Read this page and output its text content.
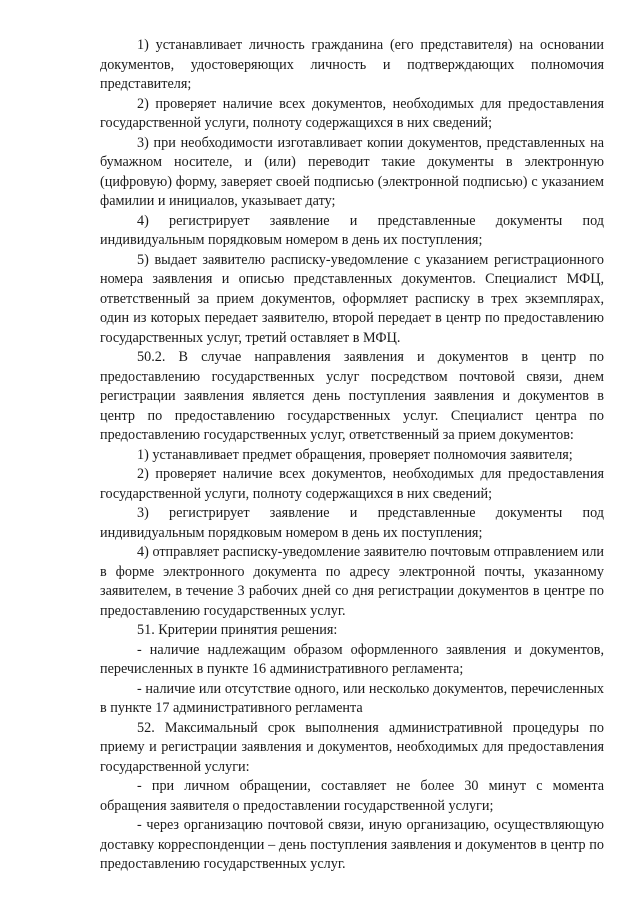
1) устанавливает личность гражданина (его представителя) на основании документов, удостоверяющих личность и подтверждающих полномочия представителя;

2) проверяет наличие всех документов, необходимых для предоставления государственной услуги, полноту содержащихся в них сведений;

3) при необходимости изготавливает копии документов, представленных на бумажном носителе, и (или) переводит такие документы в электронную (цифровую) форму, заверяет своей подписью (электронной подписью) с указанием фамилии и инициалов, указывает дату;

4) регистрирует заявление и представленные документы под индивидуальным порядковым номером в день их поступления;

5) выдает заявителю расписку-уведомление с указанием регистрационного номера заявления и описью представленных документов. Специалист МФЦ, ответственный за прием документов, оформляет расписку в трех экземплярах, один из которых передает заявителю, второй передает в центр по предоставлению государственных услуг, третий оставляет в МФЦ.

50.2. В случае направления заявления и документов в центр по предоставлению государственных услуг посредством почтовой связи, днем регистрации заявления является день поступления заявления и документов в центр по предоставлению государственных услуг. Специалист центра по предоставлению государственных услуг, ответственный за прием документов:

1) устанавливает предмет обращения, проверяет полномочия заявителя;

2) проверяет наличие всех документов, необходимых для предоставления государственной услуги, полноту содержащихся в них сведений;

3) регистрирует заявление и представленные документы под индивидуальным порядковым номером в день их поступления;

4) отправляет расписку-уведомление заявителю почтовым отправлением или в форме электронного документа по адресу электронной почты, указанному заявителем, в течение 3 рабочих дней со дня регистрации документов в центре по предоставлению государственных услуг.

51. Критерии принятия решения:

- наличие надлежащим образом оформленного заявления и документов, перечисленных в пункте 16 административного регламента;

- наличие или отсутствие одного, или несколько документов, перечисленных в пункте 17 административного регламента

52. Максимальный срок выполнения административной процедуры по приему и регистрации заявления и документов, необходимых для предоставления государственной услуги:

- при личном обращении, составляет не более 30 минут с момента обращения заявителя о предоставлении государственной услуги;

- через организацию почтовой связи, иную организацию, осуществляющую доставку корреспонденции – день поступления заявления и документов в центр по предоставлению государственных услуг.
